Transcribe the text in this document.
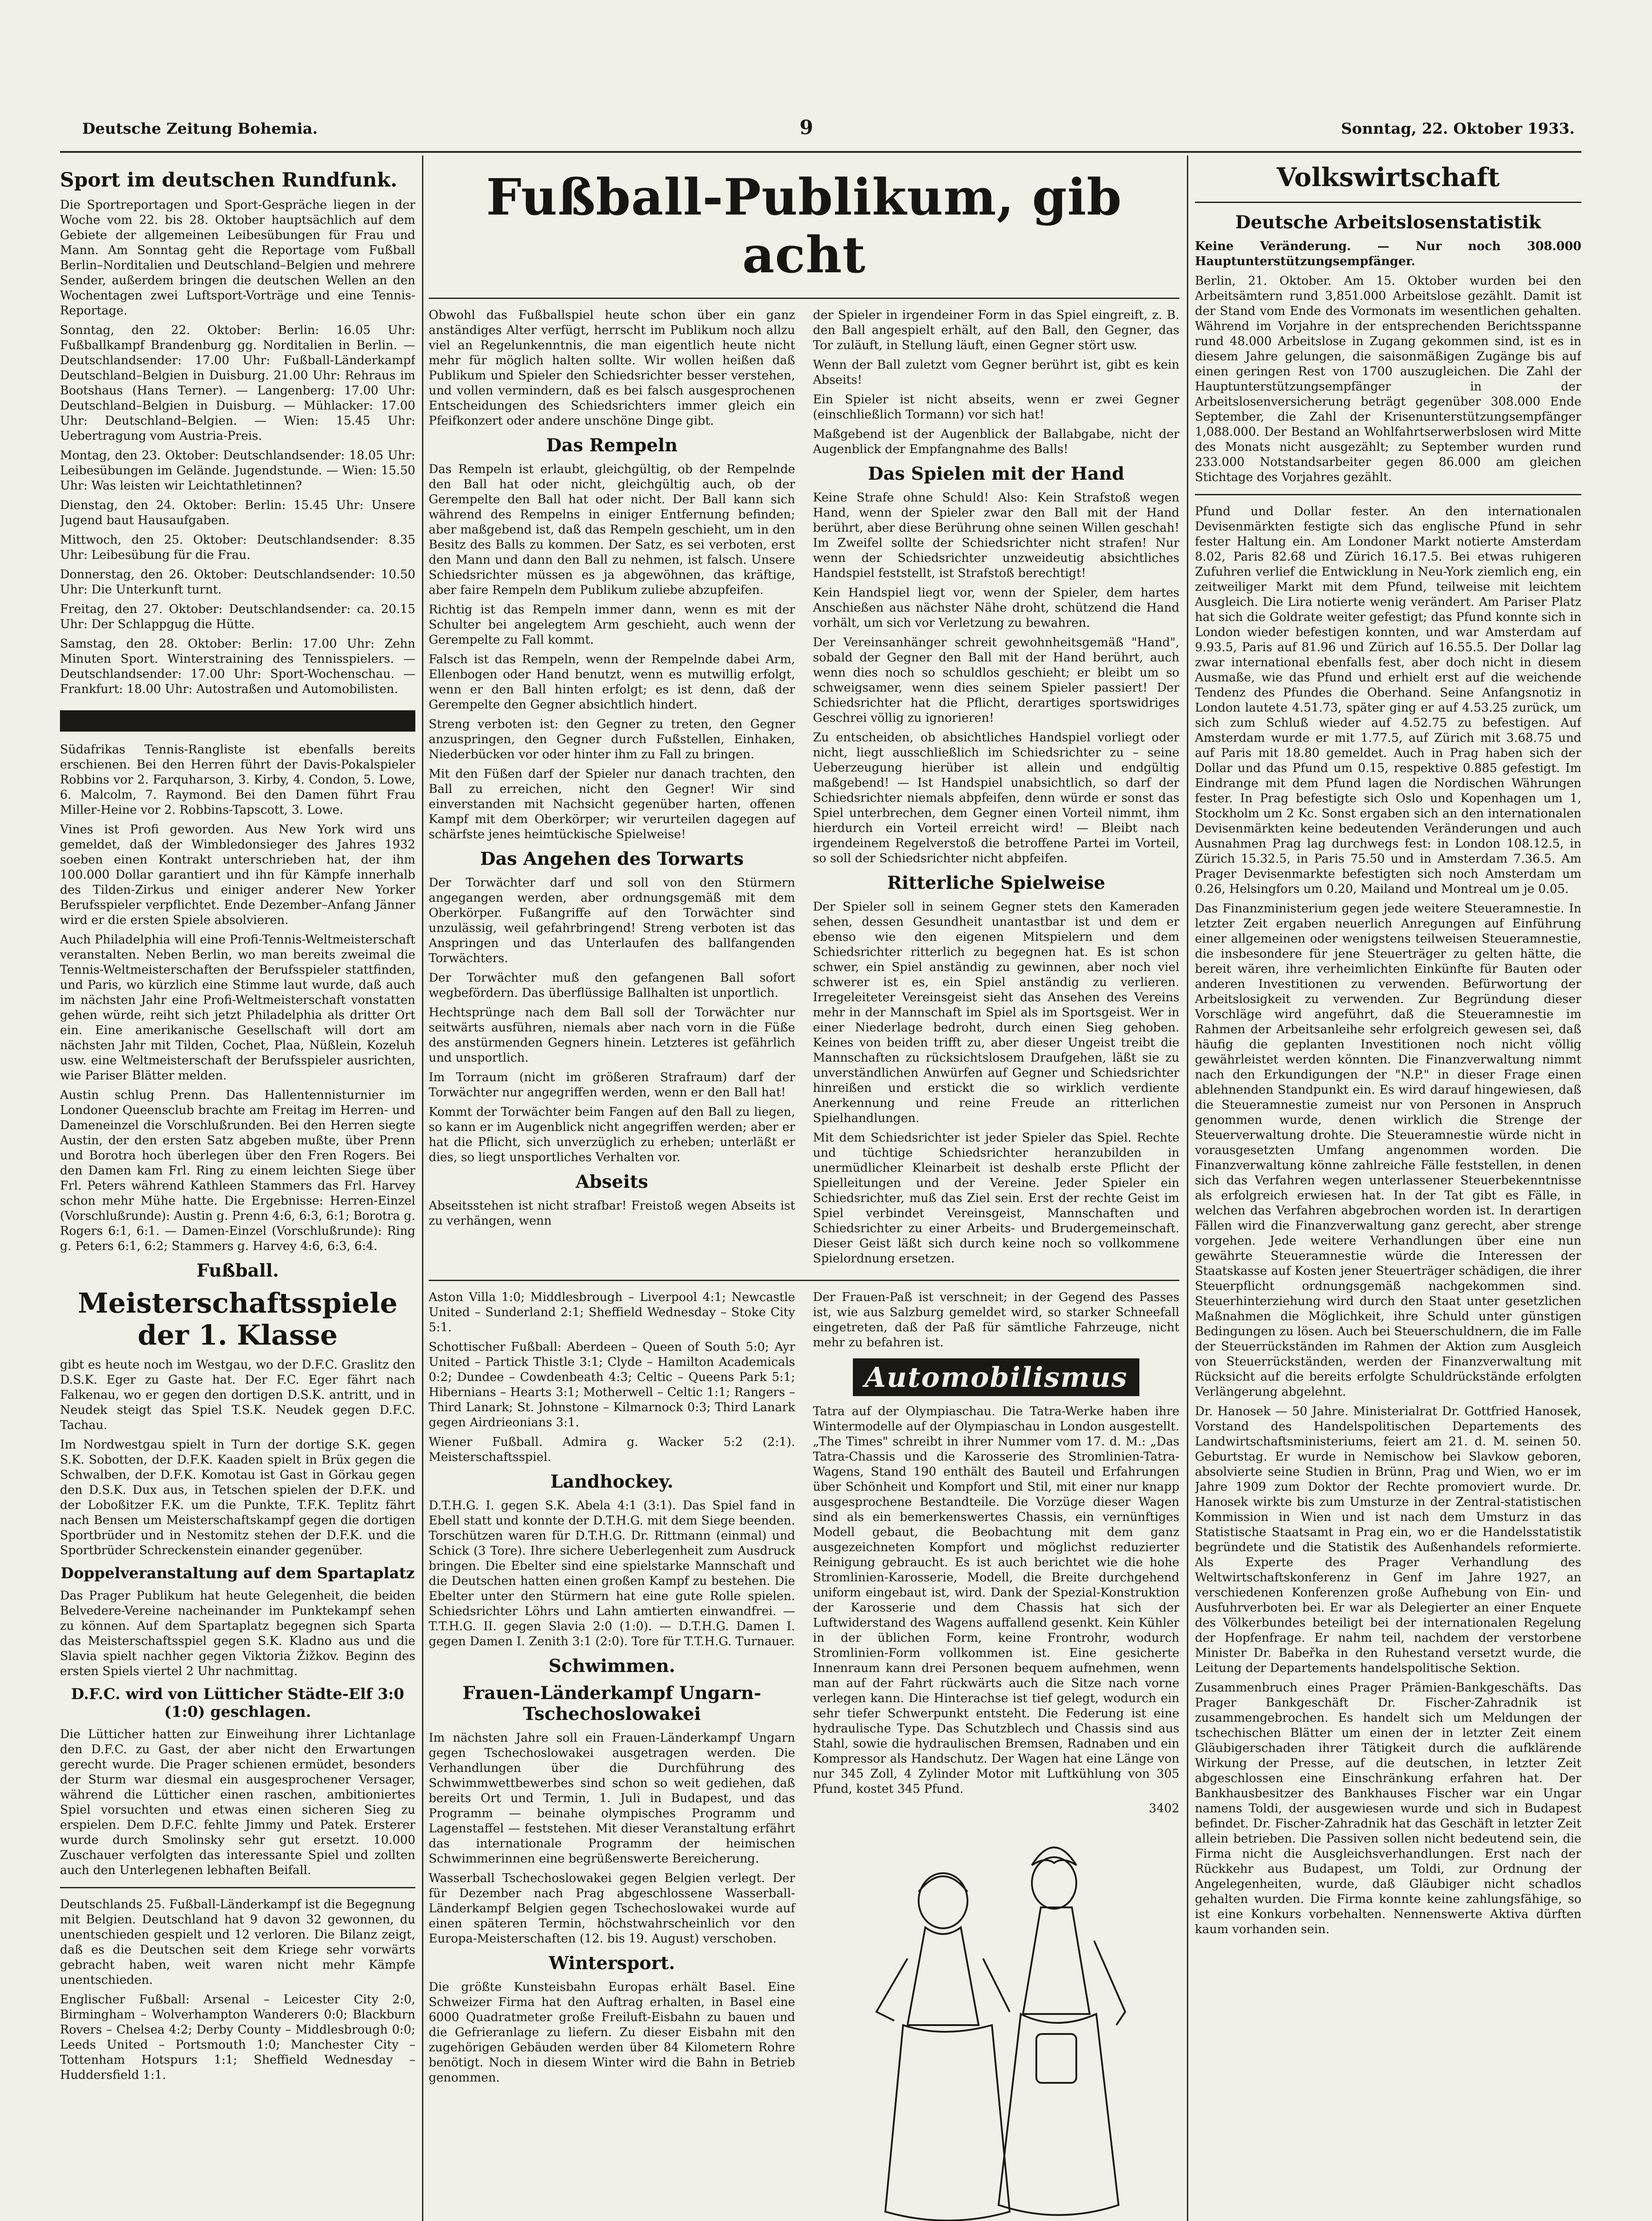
Deutsche Zeitung Bohemia.	9	Sonntag, 22. Oktober 1933.
Sport im deutschen Rundfunk.

Die Sportreportagen und Sport-Gespräche liegen in der Woche vom 22. bis 28. Oktober hauptsächlich auf dem Gebiete der allgemeinen Leibesübungen für Frau und Mann. Am Sonntag geht die Reportage vom Fußball Berlin–Norditalien und Deutschland–Belgien und mehrere Sender, außerdem bringen die deutschen Wellen an den Wochentagen zwei Luftsport-Vorträge und eine Tennis-Reportage.

Sonntag, den 22. Oktober: Berlin: 16.05 Uhr: Fußballkampf Brandenburg gg. Norditalien in Berlin. — Deutschlandsender: 17.00 Uhr: Fußball-Länderkampf Deutschland–Belgien in Duisburg. 21.00 Uhr: Rehraus im Bootshaus (Hans Terner). — Langenberg: 17.00 Uhr: Deutschland–Belgien in Duisburg. — Mühlacker: 17.00 Uhr: Deutschland–Belgien. — Wien: 15.45 Uhr: Uebertragung vom Austria-Preis.

Montag, den 23. Oktober: Deutschlandsender: 18.05 Uhr: Leibesübungen im Gelände. Jugendstunde. — Wien: 15.50 Uhr: Was leisten wir Leichtathletinnen?

Dienstag, den 24. Oktober: Berlin: 15.45 Uhr: Unsere Jugend baut Hausaufgaben.

Mittwoch, den 25. Oktober: Deutschlandsender: 8.35 Uhr: Leibesübung für die Frau.

Donnerstag, den 26. Oktober: Deutschlandsender: 10.50 Uhr: Die Unterkunft turnt.

Freitag, den 27. Oktober: Deutschlandsender: ca. 20.15 Uhr: Der Schlappgug die Hütte.

Samstag, den 28. Oktober: Berlin: 17.00 Uhr: Zehn Minuten Sport. Winterstraining des Tennisspielers. — Deutschlandsender: 17.00 Uhr: Sport-Wochenschau. — Frankfurt: 18.00 Uhr: Autostraßen und Automobilisten.

Südafrikas Tennis-Rangliste ist ebenfalls bereits erschienen. Bei den Herren führt der Davis-Pokalspieler Robbins vor 2. Farquharson, 3. Kirby, 4. Condon, 5. Lowe, 6. Malcolm, 7. Raymond. Bei den Damen führt Frau Miller-Heine vor 2. Robbins-Tapscott, 3. Lowe.

Vines ist Profi geworden. Aus New York wird uns gemeldet, daß der Wimbledonsieger des Jahres 1932 soeben einen Kontrakt unterschrieben hat, der ihm 100.000 Dollar garantiert und ihn für Kämpfe innerhalb des Tilden-Zirkus und einiger anderer New Yorker Berufsspieler verpflichtet. Ende Dezember–Anfang Jänner wird er die ersten Spiele absolvieren.

Auch Philadelphia will eine Profi-Tennis-Weltmeisterschaft veranstalten. Neben Berlin, wo man bereits zweimal die Tennis-Weltmeisterschaften der Berufsspieler stattfinden, und Paris, wo kürzlich eine Stimme laut wurde, daß auch im nächsten Jahr eine Profi-Weltmeisterschaft vonstatten gehen würde, reiht sich jetzt Philadelphia als dritter Ort ein. Eine amerikanische Gesellschaft will dort am nächsten Jahr mit Tilden, Cochet, Plaa, Nüßlein, Kozeluh usw. eine Weltmeisterschaft der Berufsspieler ausrichten, wie Pariser Blätter melden.

Austin schlug Prenn. Das Hallentennisturnier im Londoner Queensclub brachte am Freitag im Herren- und Dameneinzel die Vorschlußrunden. Bei den Herren siegte Austin, der den ersten Satz abgeben mußte, über Prenn und Borotra hoch überlegen über den Fren Rogers. Bei den Damen kam Frl. Ring zu einem leichten Siege über Frl. Peters während Kathleen Stammers das Frl. Harvey schon mehr Mühe hatte. Die Ergebnisse: Herren-Einzel (Vorschlußrunde): Austin g. Prenn 4:6, 6:3, 6:1; Borotra g. Rogers 6:1, 6:1. — Damen-Einzel (Vorschlußrunde): Ring g. Peters 6:1, 6:2; Stammers g. Harvey 4:6, 6:3, 6:4.

Fußball.
Meisterschaftsspiele der 1. Klasse

gibt es heute noch im Westgau, wo der D.F.C. Graslitz den D.S.K. Eger zu Gaste hat. Der F.C. Eger fährt nach Falkenau, wo er gegen den dortigen D.S.K. antritt, und in Neudek steigt das Spiel T.S.K. Neudek gegen D.F.C. Tachau.

Im Nordwestgau spielt in Turn der dortige S.K. gegen S.K. Sobotten, der D.F.K. Kaaden spielt in Brüx gegen die Schwalben, der D.F.K. Komotau ist Gast in Görkau gegen den D.S.K. Dux aus, in Tetschen spielen der D.F.K. und der Loboßitzer F.K. um die Punkte, T.F.K. Teplitz fährt nach Bensen um Meisterschaftskampf gegen die dortigen Sportbrüder und in Nestomitz stehen der D.F.K. und die Sportbrüder Schreckenstein einander gegenüber.

Doppelveranstaltung auf dem Spartaplatz

Das Prager Publikum hat heute Gelegenheit, die beiden Belvedere-Vereine nacheinander im Punktekampf sehen zu können. Auf dem Spartaplatz begegnen sich Sparta das Meisterschaftsspiel gegen S.K. Kladno aus und die Slavia spielt nachher gegen Viktoria Žižkov. Beginn des ersten Spiels viertel 2 Uhr nachmittag.

D.F.C. wird von Lütticher Städte-Elf 3:0 (1:0) geschlagen.

Die Lütticher hatten zur Einweihung ihrer Lichtanlage den D.F.C. zu Gast, der aber nicht den Erwartungen gerecht wurde. Die Prager schienen ermüdet, besonders der Sturm war diesmal ein ausgesprochener Versager, während die Lütticher einen raschen, ambitioniertes Spiel vorsuchten und etwas einen sicheren Sieg zu erspielen. Dem D.F.C. fehlte Jimmy und Patek. Ersterer wurde durch Smolinsky sehr gut ersetzt. 10.000 Zuschauer verfolgten das interessante Spiel und zollten auch den Unterlegenen lebhaften Beifall.

Deutschlands 25. Fußball-Länderkampf ist die Begegnung mit Belgien. Deutschland hat 9 davon 32 gewonnen, du unentschieden gespielt und 12 verloren. Die Bilanz zeigt, daß es die Deutschen seit dem Kriege sehr vorwärts gebracht haben, weit waren nicht mehr Kämpfe unentschieden.

Englischer Fußball: Arsenal – Leicester City 2:0, Birmingham – Wolverhampton Wanderers 0:0; Blackburn Rovers – Chelsea 4:2; Derby County – Middlesbrough 0:0; Leeds United – Portsmouth 1:0; Manchester City – Tottenham Hotspurs 1:1; Sheffield Wednesday – Huddersfield 1:1.

Fußball-Publikum, gib acht

Obwohl das Fußballspiel heute schon über ein ganz anständiges Alter verfügt, herrscht im Publikum noch allzu viel an Regelunkenntnis, die man eigentlich heute nicht mehr für möglich halten sollte. Wir wollen heißen daß Publikum und Spieler den Schiedsrichter besser verstehen, und vollen vermindern, daß es bei falsch ausgesprochenen Entscheidungen des Schiedsrichters immer gleich ein Pfeifkonzert oder andere unschöne Dinge gibt.

Das Rempeln

Das Rempeln ist erlaubt, gleichgültig, ob der Rempelnde den Ball hat oder nicht, gleichgültig auch, ob der Gerempelte den Ball hat oder nicht. Der Ball kann sich während des Rempelns in einiger Entfernung befinden; aber maßgebend ist, daß das Rempeln geschieht, um in den Besitz des Balls zu kommen. Der Satz, es sei verboten, erst den Mann und dann den Ball zu nehmen, ist falsch. Unsere Schiedsrichter müssen es ja abgewöhnen, das kräftige, aber faire Rempeln dem Publikum zuliebe abzupfeifen.

Richtig ist das Rempeln immer dann, wenn es mit der Schulter bei angelegtem Arm geschieht, auch wenn der Gerempelte zu Fall kommt.

Falsch ist das Rempeln, wenn der Rempelnde dabei Arm, Ellenbogen oder Hand benutzt, wenn es mutwillig erfolgt, wenn er den Ball hinten erfolgt; es ist denn, daß der Gerempelte den Gegner absichtlich hindert.

Streng verboten ist: den Gegner zu treten, den Gegner anzuspringen, den Gegner durch Fußstellen, Einhaken, Niederbücken vor oder hinter ihm zu Fall zu bringen.

Mit den Füßen darf der Spieler nur danach trachten, den Ball zu erreichen, nicht den Gegner! Wir sind einverstanden mit Nachsicht gegenüber harten, offenen Kampf mit dem Oberkörper; wir verurteilen dagegen auf schärfste jenes heimtückische Spielweise!

Das Angehen des Torwarts

Der Torwächter darf und soll von den Stürmern angegangen werden, aber ordnungsgemäß mit dem Oberkörper. Fußangriffe auf den Torwächter sind unzulässig, weil gefahrbringend! Streng verboten ist das Anspringen und das Unterlaufen des ballfangenden Torwächters.

Der Torwächter muß den gefangenen Ball sofort wegbefördern. Das überflüssige Ballhalten ist unportlich.

Hechtsprünge nach dem Ball soll der Torwächter nur seitwärts ausführen, niemals aber nach vorn in die Füße des anstürmenden Gegners hinein. Letzteres ist gefährlich und unsportlich.

Im Torraum (nicht im größeren Strafraum) darf der Torwächter nur angegriffen werden, wenn er den Ball hat!

Kommt der Torwächter beim Fangen auf den Ball zu liegen, so kann er im Augenblick nicht angegriffen werden; aber er hat die Pflicht, sich unverzüglich zu erheben; unterläßt er dies, so liegt unsportliches Verhalten vor.

Abseits

Abseitsstehen ist nicht strafbar! Freistoß wegen Abseits ist zu verhängen, wenn

der Spieler in irgendeiner Form in das Spiel eingreift, z. B. den Ball angespielt erhält, auf den Ball, den Gegner, das Tor zuläuft, in Stellung läuft, einen Gegner stört usw.

Wenn der Ball zuletzt vom Gegner berührt ist, gibt es kein Abseits!

Ein Spieler ist nicht abseits, wenn er zwei Gegner (einschließlich Tormann) vor sich hat!

Maßgebend ist der Augenblick der Ballabgabe, nicht der Augenblick der Empfangnahme des Balls!

Das Spielen mit der Hand

Keine Strafe ohne Schuld! Also: Kein Strafstoß wegen Hand, wenn der Spieler zwar den Ball mit der Hand berührt, aber diese Berührung ohne seinen Willen geschah! Im Zweifel sollte der Schiedsrichter nicht strafen! Nur wenn der Schiedsrichter unzweideutig absichtliches Handspiel feststellt, ist Strafstoß berechtigt!

Kein Handspiel liegt vor, wenn der Spieler, dem hartes Anschießen aus nächster Nähe droht, schützend die Hand vorhält, um sich vor Verletzung zu bewahren.

Der Vereinsanhänger schreit gewohnheitsgemäß "Hand", sobald der Gegner den Ball mit der Hand berührt, auch wenn dies noch so schuldlos geschieht; er bleibt um so schweigsamer, wenn dies seinem Spieler passiert! Der Schiedsrichter hat die Pflicht, derartiges sportswidriges Geschrei völlig zu ignorieren!

Zu entscheiden, ob absichtliches Handspiel vorliegt oder nicht, liegt ausschließlich im Schiedsrichter zu – seine Ueberzeugung hierüber ist allein und endgültig maßgebend! — Ist Handspiel unabsichtlich, so darf der Schiedsrichter niemals abpfeifen, denn würde er sonst das Spiel unterbrechen, dem Gegner einen Vorteil nimmt, ihm hierdurch ein Vorteil erreicht wird! — Bleibt nach irgendeinem Regelverstoß die betroffene Partei im Vorteil, so soll der Schiedsrichter nicht abpfeifen.

Ritterliche Spielweise

Der Spieler soll in seinem Gegner stets den Kameraden sehen, dessen Gesundheit unantastbar ist und dem er ebenso wie den eigenen Mitspielern und dem Schiedsrichter ritterlich zu begegnen hat. Es ist schon schwer, ein Spiel anständig zu gewinnen, aber noch viel schwerer ist es, ein Spiel anständig zu verlieren. Irregeleiteter Vereinsgeist sieht das Ansehen des Vereins mehr in der Mannschaft im Spiel als im Sportsgeist. Wer in einer Niederlage bedroht, durch einen Sieg gehoben. Keines von beiden trifft zu, aber dieser Ungeist treibt die Mannschaften zu rücksichtslosem Draufgehen, läßt sie zu unverständlichen Anwürfen auf Gegner und Schiedsrichter hinreißen und erstickt die so wirklich verdiente Anerkennung und reine Freude an ritterlichen Spielhandlungen.

Mit dem Schiedsrichter ist jeder Spieler das Spiel. Rechte und tüchtige Schiedsrichter heranzubilden in unermüdlicher Kleinarbeit ist deshalb erste Pflicht der Spielleitungen und der Vereine. Jeder Spieler ein Schiedsrichter, muß das Ziel sein. Erst der rechte Geist im Spiel verbindet Vereinsgeist, Mannschaften und Schiedsrichter zu einer Arbeits- und Brudergemeinschaft. Dieser Geist läßt sich durch keine noch so vollkommene Spielordnung ersetzen.

Aston Villa 1:0; Middlesbrough – Liverpool 4:1; Newcastle United – Sunderland 2:1; Sheffield Wednesday – Stoke City 5:1.

Schottischer Fußball: Aberdeen – Queen of South 5:0; Ayr United – Partick Thistle 3:1; Clyde – Hamilton Academicals 0:2; Dundee – Cowdenbeath 4:3; Celtic – Queens Park 5:1; Hibernians – Hearts 3:1; Motherwell – Celtic 1:1; Rangers – Third Lanark; St. Johnstone – Kilmarnock 0:3; Third Lanark gegen Airdrieonians 3:1.

Wiener Fußball. Admira g. Wacker 5:2 (2:1). Meisterschaftsspiel.

Landhockey.

D.T.H.G. I. gegen S.K. Abela 4:1 (3:1). Das Spiel fand in Ebell statt und konnte der D.T.H.G. mit dem Siege beenden. Torschützen waren für D.T.H.G. Dr. Rittmann (einmal) und Schick (3 Tore). Ihre sichere Ueberlegenheit zum Ausdruck bringen. Die Ebelter sind eine spielstarke Mannschaft und die Deutschen hatten einen großen Kampf zu bestehen. Die Ebelter unter den Stürmern hat eine gute Rolle spielen. Schiedsrichter Löhrs und Lahn amtierten einwandfrei. — T.T.H.G. II. gegen Slavia 2:0 (1:0). — D.T.H.G. Damen I. gegen Damen I. Zenith 3:1 (2:0). Tore für T.T.H.G. Turnauer.

Schwimmen.
Frauen-Länderkampf Ungarn-Tschechoslowakei

Im nächsten Jahre soll ein Frauen-Länderkampf Ungarn gegen Tschechoslowakei ausgetragen werden. Die Verhandlungen über die Durchführung des Schwimmwettbewerbes sind schon so weit gediehen, daß bereits Ort und Termin, 1. Juli in Budapest, und das Programm — beinahe olympisches Programm und Lagenstaffel — feststehen. Mit dieser Veranstaltung erfährt das internationale Programm der heimischen Schwimmerinnen eine begrüßenswerte Bereicherung.

Wasserball Tschechoslowakei gegen Belgien verlegt. Der für Dezember nach Prag abgeschlossene Wasserball-Länderkampf Belgien gegen Tschechoslowakei wurde auf einen späteren Termin, höchstwahrscheinlich vor den Europa-Meisterschaften (12. bis 19. August) verschoben.

Wintersport.

Die größte Kunsteisbahn Europas erhält Basel. Eine Schweizer Firma hat den Auftrag erhalten, in Basel eine 6000 Quadratmeter große Freiluft-Eisbahn zu bauen und die Gefrieranlage zu liefern. Zu dieser Eisbahn mit den zugehörigen Gebäuden werden über 84 Kilometern Rohre benötigt. Noch in diesem Winter wird die Bahn in Betrieb genommen.

Der Frauen-Paß ist verschneit; in der Gegend des Passes ist, wie aus Salzburg gemeldet wird, so starker Schneefall eingetreten, daß der Paß für sämtliche Fahrzeuge, nicht mehr zu befahren ist.

Automobilismus

Tatra auf der Olympiaschau. Die Tatra-Werke haben ihre Wintermodelle auf der Olympiaschau in London ausgestellt. „The Times" schreibt in ihrer Nummer vom 17. d. M.: „Das Tatra-Chassis und die Karosserie des Stromlinien-Tatra-Wagens, Stand 190 enthält des Bauteil und Erfahrungen über Schönheit und Kompfort und Stil, mit einer nur knapp ausgesprochene Bestandteile. Die Vorzüge dieser Wagen sind als ein bemerkenswertes Chassis, ein vernünftiges Modell gebaut, die Beobachtung mit dem ganz ausgezeichneten Kompfort und möglichst reduzierter Reinigung gebraucht. Es ist auch berichtet wie die hohe Stromlinien-Karosserie, Modell, die Breite durchgehend uniform eingebaut ist, wird. Dank der Spezial-Konstruktion der Karosserie und dem Chassis hat sich der Luftwiderstand des Wagens auffallend gesenkt. Kein Kühler in der üblichen Form, keine Frontrohr, wodurch Stromlinien-Form vollkommen ist. Eine gesicherte Innenraum kann drei Personen bequem aufnehmen, wenn man auf der Fahrt rückwärts auch die Sitze nach vorne verlegen kann. Die Hinterachse ist tief gelegt, wodurch ein sehr tiefer Schwerpunkt entsteht. Die Federung ist eine hydraulische Type. Das Schutzblech und Chassis sind aus Stahl, sowie die hydraulischen Bremsen, Radnaben und ein Kompressor als Handschutz. Der Wagen hat eine Länge von nur 345 Zoll, 4 Zylinder Motor mit Luftkühlung von 305 Pfund, kostet 345 Pfund.

3402

Volkswirtschaft
Deutsche Arbeitslosenstatistik

Keine Veränderung. — Nur noch 308.000 Hauptunterstützungsempfänger.

Berlin, 21. Oktober. Am 15. Oktober wurden bei den Arbeitsämtern rund 3,851.000 Arbeitslose gezählt. Damit ist der Stand vom Ende des Vormonats im wesentlichen gehalten. Während im Vorjahre in der entsprechenden Berichtsspanne rund 48.000 Arbeitslose in Zugang gekommen sind, ist es in diesem Jahre gelungen, die saisonmäßigen Zugänge bis auf einen geringen Rest von 1700 auszugleichen. Die Zahl der Hauptunterstützungsempfänger in der Arbeitslosenversicherung beträgt gegenüber 308.000 Ende September, die Zahl der Krisenunterstützungsempfänger 1,088.000. Der Bestand an Wohlfahrtserwerbslosen wird Mitte des Monats nicht ausgezählt; zu September wurden rund 233.000 Notstandsarbeiter gegen 86.000 am gleichen Stichtage des Vorjahres gezählt.

Pfund und Dollar fester. An den internationalen Devisenmärkten festigte sich das englische Pfund in sehr fester Haltung ein. Am Londoner Markt notierte Amsterdam 8.02, Paris 82.68 und Zürich 16.17.5. Bei etwas ruhigeren Zufuhren verlief die Entwicklung in Neu-York ziemlich eng, ein zeitweiliger Markt mit dem Pfund, teilweise mit leichtem Ausgleich. Die Lira notierte wenig verändert. Am Pariser Platz hat sich die Goldrate weiter gefestigt; das Pfund konnte sich in London wieder befestigen konnten, und war Amsterdam auf 9.93.5, Paris auf 81.96 und Zürich auf 16.55.5. Der Dollar lag zwar international ebenfalls fest, aber doch nicht in diesem Ausmaße, wie das Pfund und erhielt erst auf die weichende Tendenz des Pfundes die Oberhand. Seine Anfangsnotiz in London lautete 4.51.73, später ging er auf 4.53.25 zurück, um sich zum Schluß wieder auf 4.52.75 zu befestigen. Auf Amsterdam wurde er mit 1.77.5, auf Zürich mit 3.68.75 und auf Paris mit 18.80 gemeldet. Auch in Prag haben sich der Dollar und das Pfund um 0.15, respektive 0.885 gefestigt. Im Eindrange mit dem Pfund lagen die Nordischen Währungen fester. In Prag befestigte sich Oslo und Kopenhagen um 1, Stockholm um 2 Kc. Sonst ergaben sich an den internationalen Devisenmärkten keine bedeutenden Veränderungen und auch Ausnahmen Prag lag durchwegs fest: in London 108.12.5, in Zürich 15.32.5, in Paris 75.50 und in Amsterdam 7.36.5. Am Prager Devisenmarkte befestigten sich noch Amsterdam um 0.26, Helsingfors um 0.20, Mailand und Montreal um je 0.05.

Das Finanzministerium gegen jede weitere Steueramnestie. In letzter Zeit ergaben neuerlich Anregungen auf Einführung einer allgemeinen oder wenigstens teilweisen Steueramnestie, die insbesondere für jene Steuerträger zu gelten hätte, die bereit wären, ihre verheimlichten Einkünfte für Bauten oder anderen Investitionen zu verwenden. Befürwortung der Arbeitslosigkeit zu verwenden. Zur Begründung dieser Vorschläge wird angeführt, daß die Steueramnestie im Rahmen der Arbeitsanleihe sehr erfolgreich gewesen sei, daß häufig die geplanten Investitionen noch nicht völlig gewährleistet werden könnten. Die Finanzverwaltung nimmt nach den Erkundigungen der "N.P." in dieser Frage einen ablehnenden Standpunkt ein. Es wird darauf hingewiesen, daß die Steueramnestie zumeist nur von Personen in Anspruch genommen wurde, denen wirklich die Strenge der Steuerverwaltung drohte. Die Steueramnestie würde nicht in vorausgesetzten Umfang angenommen worden. Die Finanzverwaltung könne zahlreiche Fälle feststellen, in denen sich das Verfahren wegen unterlassener Steuerbekenntnisse als erfolgreich erwiesen hat. In der Tat gibt es Fälle, in welchen das Verfahren abgebrochen worden ist. In derartigen Fällen wird die Finanzverwaltung ganz gerecht, aber strenge vorgehen. Jede weitere Verhandlungen über eine nun gewährte Steueramnestie würde die Interessen der Staatskasse auf Kosten jener Steuerträger schädigen, die ihrer Steuerpflicht ordnungsgemäß nachgekommen sind. Steuerhinterziehung wird durch den Staat unter gesetzlichen Maßnahmen die Möglichkeit, ihre Schuld unter günstigen Bedingungen zu lösen. Auch bei Steuerschuldnern, die im Falle der Steuerrückständen im Rahmen der Aktion zum Ausgleich von Steuerrückständen, werden der Finanzverwaltung mit Rücksicht auf die bereits erfolgte Schuldrückstände erfolgten Verlängerung abgelehnt.

Dr. Hanosek — 50 Jahre. Ministerialrat Dr. Gottfried Hanosek, Vorstand des Handelspolitischen Departements des Landwirtschaftsministeriums, feiert am 21. d. M. seinen 50. Geburtstag. Er wurde in Nemischow bei Slavkow geboren, absolvierte seine Studien in Brünn, Prag und Wien, wo er im Jahre 1909 zum Doktor der Rechte promoviert wurde. Dr. Hanosek wirkte bis zum Umsturze in der Zentral-statistischen Kommission in Wien und ist nach dem Umsturz in das Statistische Staatsamt in Prag ein, wo er die Handelsstatistik begründete und die Statistik des Außenhandels reformierte. Als Experte des Prager Verhandlung des Weltwirtschaftskonferenz in Genf im Jahre 1927, an verschiedenen Konferenzen große Aufhebung von Ein- und Ausfuhrverboten bei. Er war als Delegierter an einer Enquete des Völkerbundes beteiligt bei der internationalen Regelung der Hopfenfrage. Er nahm teil, nachdem der verstorbene Minister Dr. Babeřka in den Ruhestand versetzt wurde, die Leitung der Departements handelspolitische Sektion.

Zusammenbruch eines Prager Prämien-Bankgeschäfts. Das Prager Bankgeschäft Dr. Fischer-Zahradnik ist zusammengebrochen. Es handelt sich um Meldungen der tschechischen Blätter um einen der in letzter Zeit einem Gläubigerschaden ihrer Tätigkeit durch die aufklärende Wirkung der Presse, auf die deutschen, in letzter Zeit abgeschlossen eine Einschränkung erfahren hat. Der Bankhausbesitzer des Bankhauses Fischer war ein Ungar namens Toldi, der ausgewiesen wurde und sich in Budapest befindet. Dr. Fischer-Zahradnik hat das Geschäft in letzter Zeit allein betrieben. Die Passiven sollen nicht bedeutend sein, die Firma nicht die Ausgleichsverhandlungen. Erst nach der Rückkehr aus Budapest, um Toldi, zur Ordnung der Angelegenheiten, wurde, daß Gläubiger nicht schadlos gehalten wurden. Die Firma konnte keine zahlungsfähige, so ist eine Konkurs vorbehalten. Nennenswerte Aktiva dürften kaum vorhanden sein.
